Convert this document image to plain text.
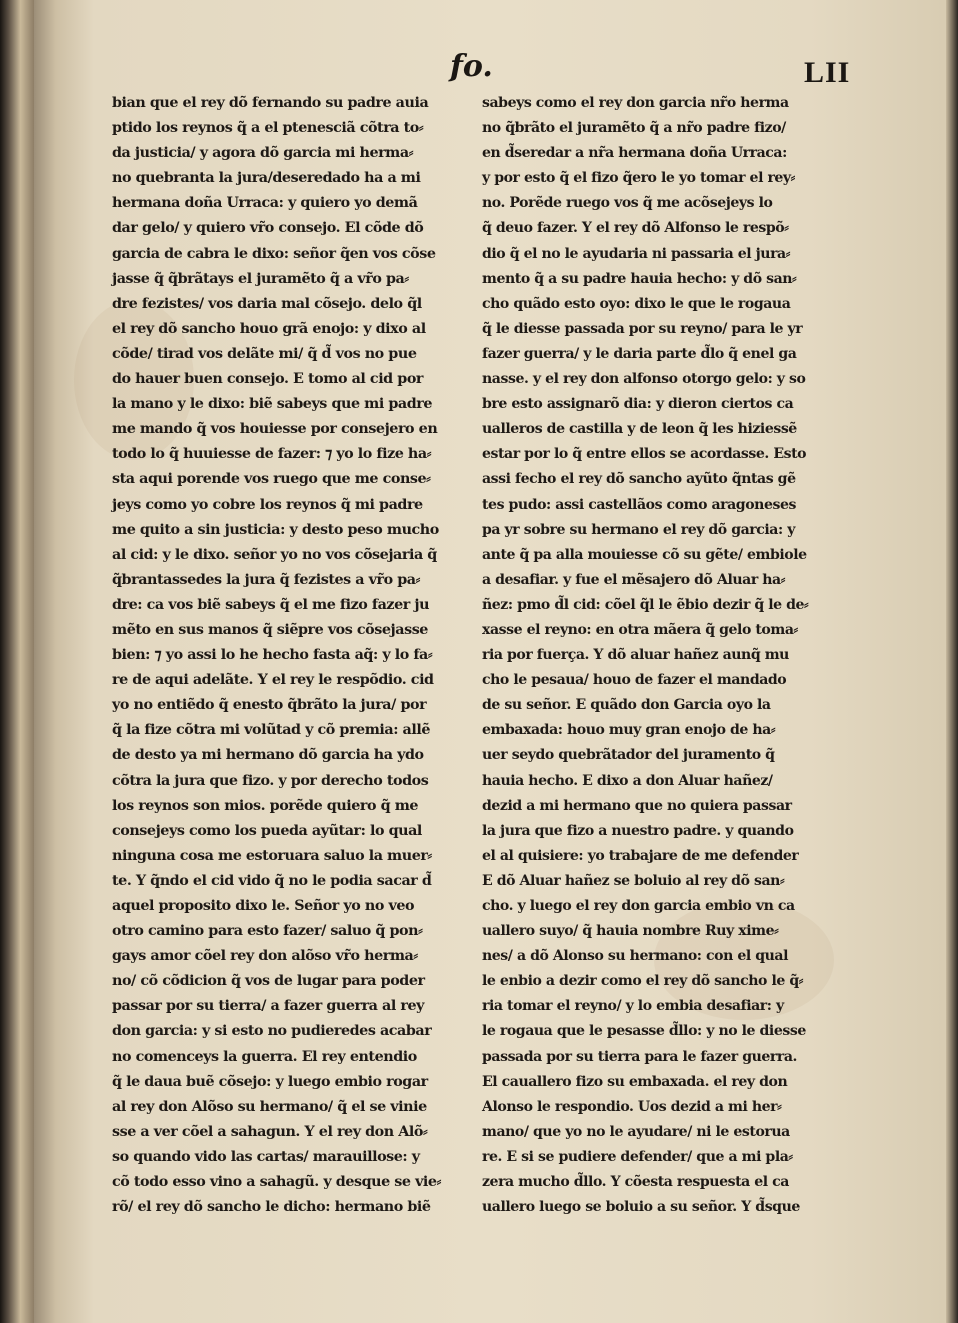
fo.	LII
bian que el rey dõ fernando su padre auia
ptido los reynos q̃ a el ptenesciã cõtra to⸗
da justicia/ y agora dõ garcia mi herma⸗
no quebranta la jura/deseredado ha a mi
hermana doña Urraca: y quiero yo demã
dar gelo/ y quiero vr̃o consejo. El cõde dõ
garcia de cabra le dixo: señor q̃en vos cõse
jasse q̃ q̃brãtays el juramẽto q̃ a vr̃o pa⸗
dre fezistes/ vos daria mal cõsejo. delo q̃l
el rey dõ sancho houo grã enojo: y dixo al
cõde/ tirad vos delãte mi/ q̃ d̃ vos no pue
do hauer buen consejo. E tomo al cid por
la mano y le dixo: biẽ sabeys que mi padre
me mando q̃ vos houiesse por consejero en
todo lo q̃ huuiesse de fazer: ⁊ yo lo fize ha⸗
sta aqui porende vos ruego que me conse⸗
jeys como yo cobre los reynos q̃ mi padre
me quito a sin justicia: y desto peso mucho
al cid: y le dixo. señor yo no vos cõsejaria q̃
q̃brantassedes la jura q̃ fezistes a vr̃o pa⸗
dre: ca vos biẽ sabeys q̃ el me fizo fazer ju
mẽto en sus manos q̃ siẽpre vos cõsejasse
bien: ⁊ yo assi lo he hecho fasta aq̃: y lo fa⸗
re de aqui adelãte. Y el rey le respõdio. cid
yo no entiẽdo q̃ enesto q̃brãto la jura/ por
q̃ la fize cõtra mi volũtad y cõ premia: allẽ
de desto ya mi hermano dõ garcia ha ydo
cõtra la jura que fizo. y por derecho todos
los reynos son mios. porẽde quiero q̃ me
consejeys como los pueda ayũtar: lo qual
ninguna cosa me estoruara saluo la muer⸗
te. Y q̃ndo el cid vido q̃ no le podia sacar d̃
aquel proposito dixo le. Señor yo no veo
otro camino para esto fazer/ saluo q̃ pon⸗
gays amor cõel rey don alõso vr̃o herma⸗
no/ cõ cõdicion q̃ vos de lugar para poder
passar por su tierra/ a fazer guerra al rey
don garcia: y si esto no pudieredes acabar
no comenceys la guerra. El rey entendio
q̃ le daua buẽ cõsejo: y luego embio rogar
al rey don Alõso su hermano/ q̃ el se vinie
sse a ver cõel a sahagun. Y el rey don Alõ⸗
so quando vido las cartas/ marauillose: y
cõ todo esso vino a sahagũ. y desque se vie⸗
rõ/ el rey dõ sancho le dicho: hermano biẽ
sabeys como el rey don garcia nr̃o herma
no q̃brãto el juramẽto q̃ a nr̃o padre fizo/
en d̃seredar a nr̃a hermana doña Urraca:
y por esto q̃ el fizo q̃ero le yo tomar el rey⸗
no. Porẽde ruego vos q̃ me acõsejeys lo
q̃ deuo fazer. Y el rey dõ Alfonso le respõ⸗
dio q̃ el no le ayudaria ni passaria el jura⸗
mento q̃ a su padre hauia hecho: y dõ san⸗
cho quãdo esto oyo: dixo le que le rogaua
q̃ le diesse passada por su reyno/ para le yr
fazer guerra/ y le daria parte d̃lo q̃ enel ga
nasse. y el rey don alfonso otorgo gelo: y so
bre esto assignarõ dia: y dieron ciertos ca
ualleros de castilla y de leon q̃ les hiziessẽ
estar por lo q̃ entre ellos se acordasse. Esto
assi fecho el rey dõ sancho ayũto q̃ntas gẽ
tes pudo: assi castellãos como aragoneses
pa yr sobre su hermano el rey dõ garcia: y
ante q̃ pa alla mouiesse cõ su gẽte/ embiole
a desafiar. y fue el mẽsajero dõ Aluar ha⸗
ñez: pmo d̃l cid: cõel q̃l le ẽbio dezir q̃ le de⸗
xasse el reyno: en otra mãera q̃ gelo toma⸗
ria por fuerça. Y dõ aluar hañez aunq̃ mu
cho le pesaua/ houo de fazer el mandado
de su señor. E quãdo don Garcia oyo la
embaxada: houo muy gran enojo de ha⸗
uer seydo quebrãtador del juramento q̃
hauia hecho. E dixo a don Aluar hañez/
dezid a mi hermano que no quiera passar
la jura que fizo a nuestro padre. y quando
el al quisiere: yo trabajare de me defender
E dõ Aluar hañez se boluio al rey dõ san⸗
cho. y luego el rey don garcia embio vn ca
uallero suyo/ q̃ hauia nombre Ruy xime⸗
nes/ a dõ Alonso su hermano: con el qual
le enbio a dezir como el rey dõ sancho le q̃⸗
ria tomar el reyno/ y lo embia desafiar: y
le rogaua que le pesasse d̃llo: y no le diesse
passada por su tierra para le fazer guerra.
El cauallero fizo su embaxada. el rey don
Alonso le respondio. Uos dezid a mi her⸗
mano/ que yo no le ayudare/ ni le estorua
re. E si se pudiere defender/ que a mi pla⸗
zera mucho d̃llo. Y cõesta respuesta el ca
uallero luego se boluio a su señor. Y d̃sque
